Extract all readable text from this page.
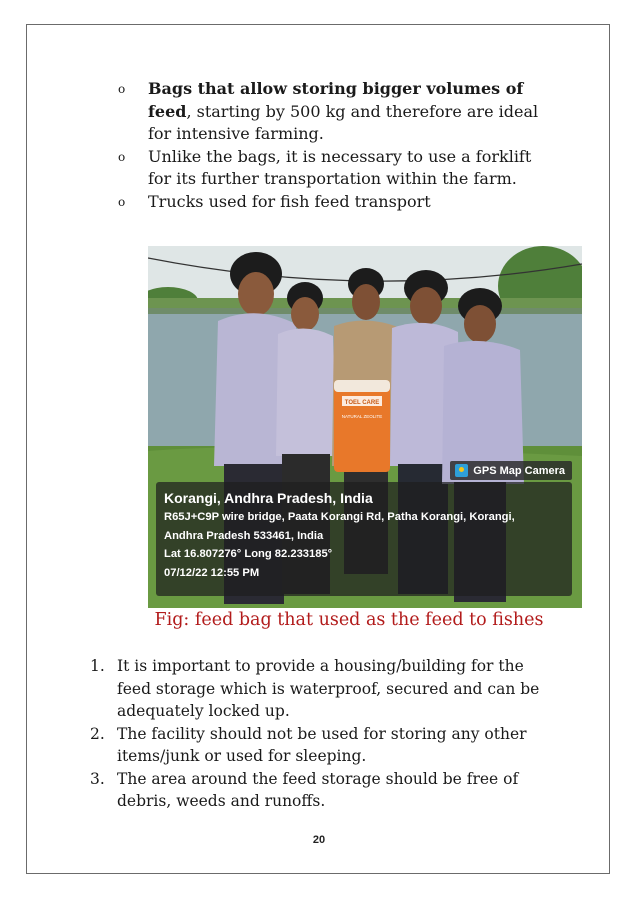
o Bags that allow storing bigger volumes of feed, starting by 500 kg and therefore are ideal for intensive farming.
o Unlike the bags, it is necessary to use a forklift for its further transportation within the farm.
o Trucks used for fish feed transport
TOEL CARE
NATURAL ZEOLITE
GPS Map Camera
Korangi, Andhra Pradesh, India
R65J+C9P wire bridge, Paata Korangi Rd, Patha Korangi, Korangi,
Andhra Pradesh 533461, India
Lat 16.807276° Long 82.233185°
07/12/22 12:55 PM
Fig: feed bag that used as the feed to fishes
1. It is important to provide a housing/building for the feed storage which is waterproof, secured and can be adequately locked up.
2. The facility should not be used for storing any other items/junk or used for sleeping.
3. The area around the feed storage should be free of debris, weeds and runoffs.
20
